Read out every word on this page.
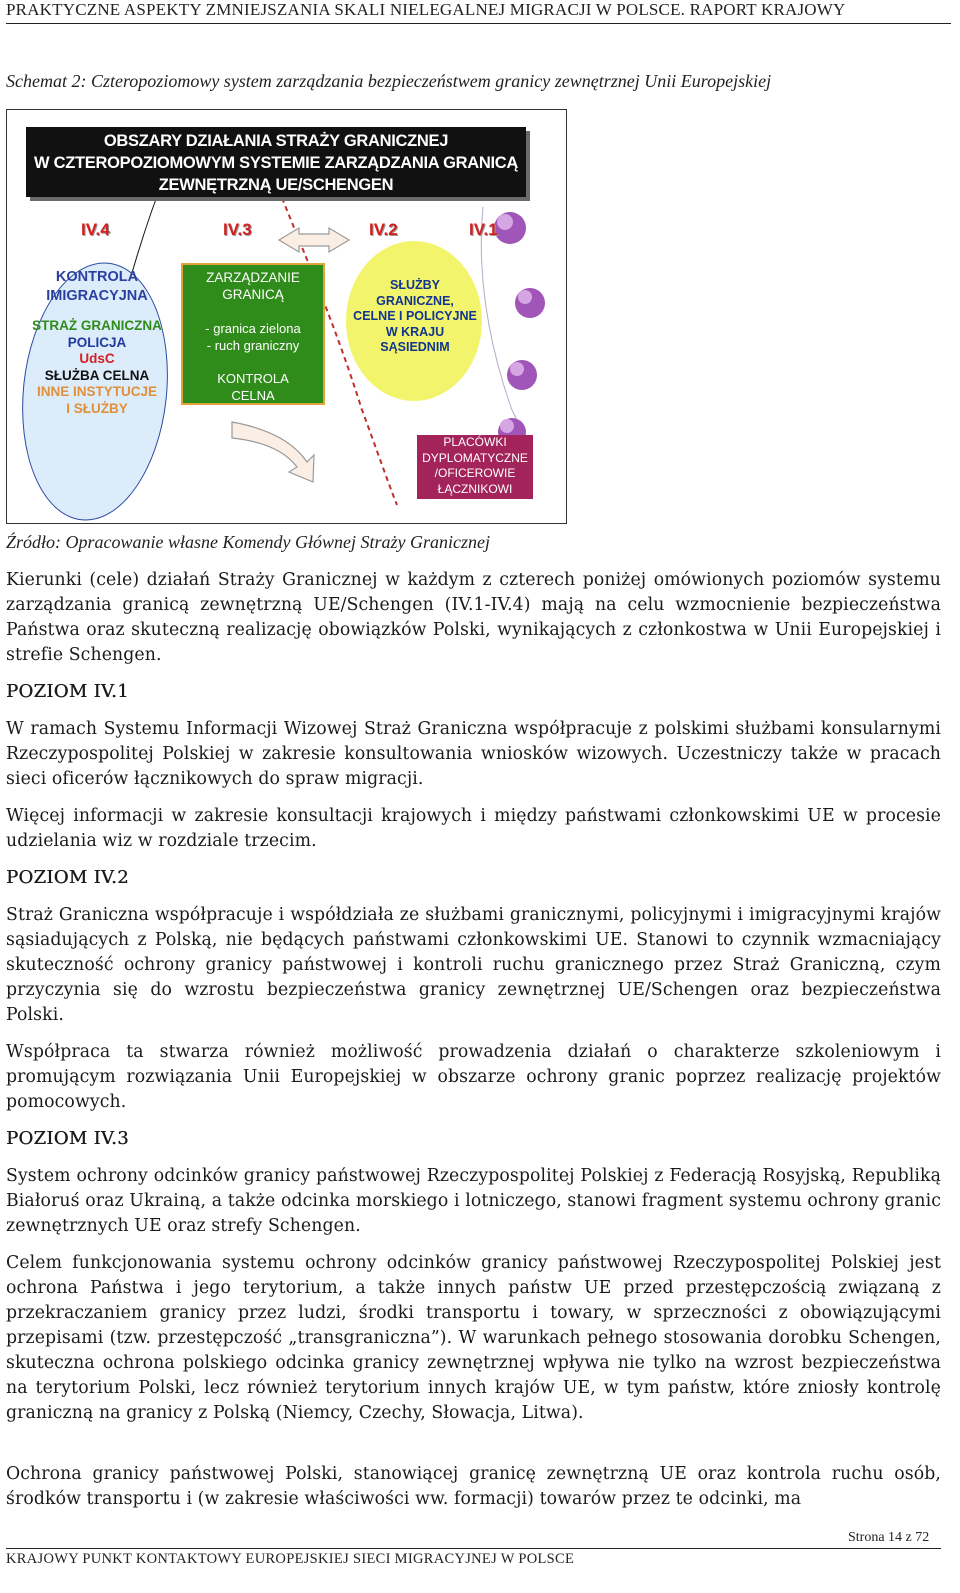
PRAKTYCZNE ASPEKTY ZMNIEJSZANIA SKALI NIELEGALNEJ MIGRACJI W POLSCE. RAPORT KRAJOWY
Schemat 2: Czteropoziomowy system zarządzania bezpieczeństwem granicy zewnętrznej Unii Europejskiej
OBSZARY DZIAŁANIA STRAŻY GRANICZNEJ
W CZTEROPOZIOMOWYM SYSTEMIE ZARZĄDZANIA GRANICĄ
ZEWNĘTRZNĄ UE/SCHENGEN
IV.4	IV.3	IV.2	IV.1
KONTROLA
IMIGRACYJNA
STRAŻ GRANICZNA
POLICJA
UdsC
SŁUŻBA CELNA
INNE INSTYTUCJE
I SŁUŻBY
ZARZĄDZANIE
GRANICĄ
- granica zielona
- ruch graniczny
KONTROLA
CELNA
SŁUŻBY
GRANICZNE,
CELNE I POLICYJNE
W KRAJU
SĄSIEDNIM
PLACÓWKI
DYPLOMATYCZNE
/OFICEROWIE
ŁĄCZNIKOWI
Źródło: Opracowanie własne Komendy Głównej Straży Granicznej
Kierunki (cele) działań Straży Granicznej w każdym z czterech poniżej omówionych poziomów systemu zarządzania granicą zewnętrzną UE/Schengen (IV.1-IV.4) mają na celu wzmocnienie bezpieczeństwa Państwa oraz skuteczną realizację obowiązków Polski, wynikających z członkostwa w Unii Europejskiej i strefie Schengen.
POZIOM IV.1
W ramach Systemu Informacji Wizowej Straż Graniczna współpracuje z polskimi służbami konsularnymi Rzeczypospolitej Polskiej w zakresie konsultowania wniosków wizowych. Uczestniczy także w pracach sieci oficerów łącznikowych do spraw migracji.
Więcej informacji w zakresie konsultacji krajowych i między państwami członkowskimi UE w procesie udzielania wiz w rozdziale trzecim.
POZIOM IV.2
Straż Graniczna współpracuje i współdziała ze służbami granicznymi, policyjnymi i imigracyjnymi krajów sąsiadujących z Polską, nie będących państwami członkowskimi UE. Stanowi to czynnik wzmacniający skuteczność ochrony granicy państwowej i kontroli ruchu granicznego przez Straż Graniczną, czym przyczynia się do wzrostu bezpieczeństwa granicy zewnętrznej UE/Schengen oraz bezpieczeństwa Polski.
Współpraca ta stwarza również możliwość prowadzenia działań o charakterze szkoleniowym i promującym rozwiązania Unii Europejskiej w obszarze ochrony granic poprzez realizację projektów pomocowych.
POZIOM IV.3
System ochrony odcinków granicy państwowej Rzeczypospolitej Polskiej z Federacją Rosyjską, Republiką Białoruś oraz Ukrainą, a także odcinka morskiego i lotniczego, stanowi fragment systemu ochrony granic zewnętrznych UE oraz strefy Schengen.
Celem funkcjonowania systemu ochrony odcinków granicy państwowej Rzeczypospolitej Polskiej jest ochrona Państwa i jego terytorium, a także innych państw UE przed przestępczością związaną z przekraczaniem granicy przez ludzi, środki transportu i towary, w sprzeczności z obowiązującymi przepisami (tzw. przestępczość „transgraniczna”). W warunkach pełnego stosowania dorobku Schengen, skuteczna ochrona polskiego odcinka granicy zewnętrznej wpływa nie tylko na wzrost bezpieczeństwa na terytorium Polski, lecz również terytorium innych krajów UE, w tym państw, które zniosły kontrolę graniczną na granicy z Polską (Niemcy, Czechy, Słowacja, Litwa).
Ochrona granicy państwowej Polski, stanowiącej granicę zewnętrzną UE oraz kontrola ruchu osób, środków transportu i (w zakresie właściwości ww. formacji) towarów przez te odcinki, ma
Strona 14 z 72
KRAJOWY PUNKT KONTAKTOWY EUROPEJSKIEJ SIECI MIGRACYJNEJ W POLSCE
